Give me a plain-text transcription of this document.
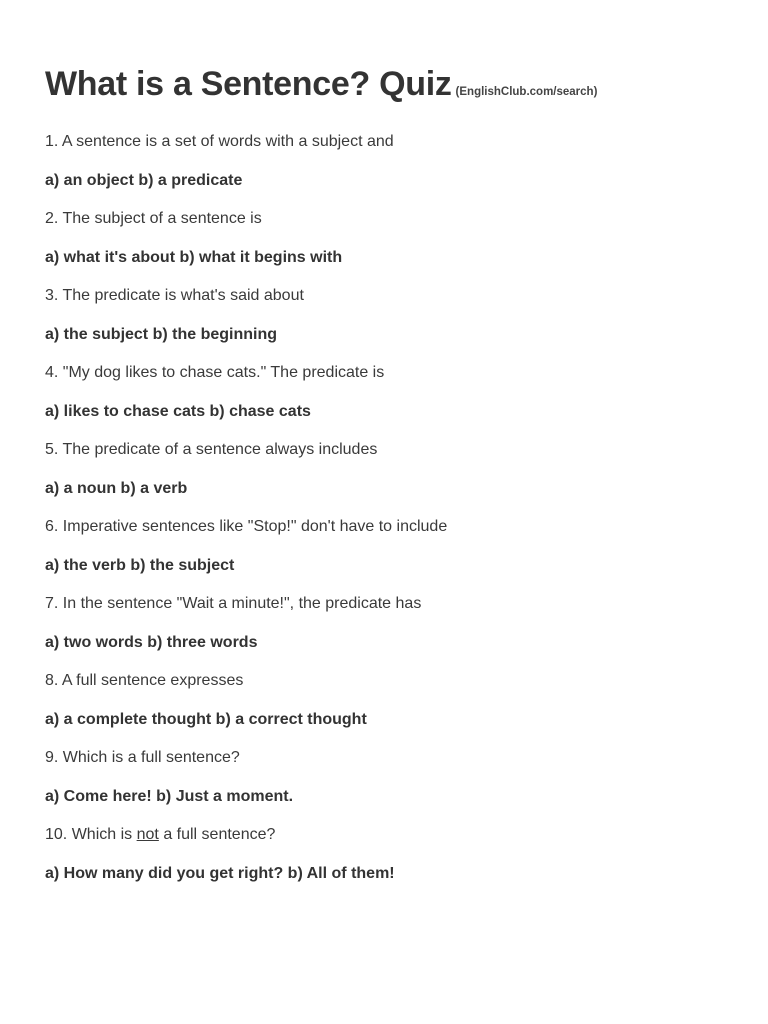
What is a Sentence? Quiz (EnglishClub.com/search)

1. A sentence is a set of words with a subject and

a) an object b) a predicate

2. The subject of a sentence is

a) what it's about b) what it begins with

3. The predicate is what's said about

a) the subject b) the beginning

4. "My dog likes to chase cats." The predicate is

a) likes to chase cats b) chase cats

5. The predicate of a sentence always includes

a) a noun b) a verb

6. Imperative sentences like "Stop!" don't have to include

a) the verb b) the subject

7. In the sentence "Wait a minute!", the predicate has

a) two words b) three words

8. A full sentence expresses

a) a complete thought b) a correct thought

9. Which is a full sentence?

a) Come here! b) Just a moment.

10. Which is not a full sentence?

a) How many did you get right? b) All of them!
